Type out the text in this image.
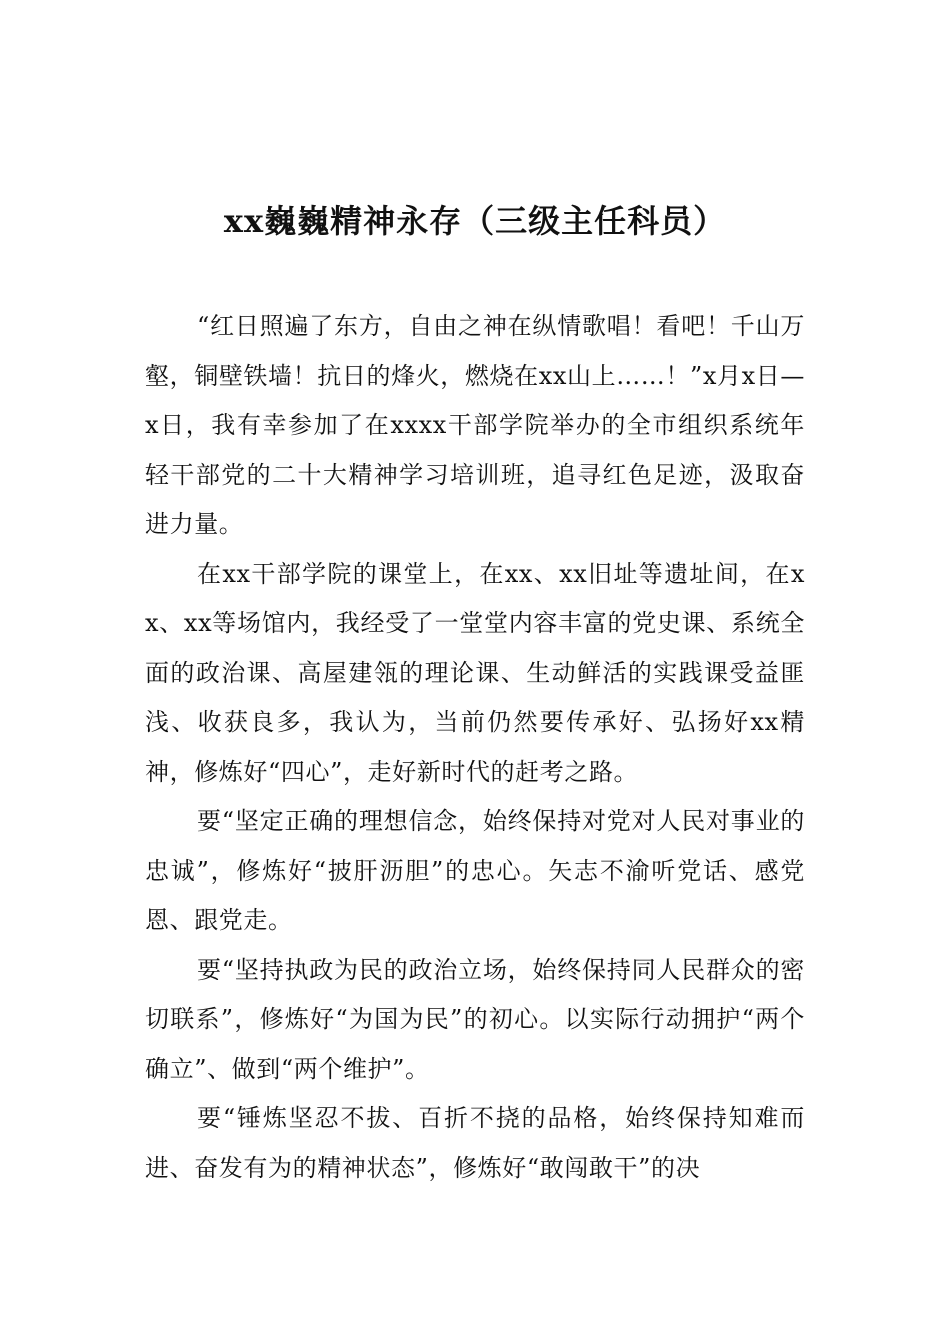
xx巍巍精神永存（三级主任科员）

“红日照遍了东方，自由之神在纵情歌唱！看吧！千山万壑，铜壁铁墙！抗日的烽火，燃烧在xx山上……！”x月x日—x日，我有幸参加了在xxxx干部学院举办的全市组织系统年轻干部党的二十大精神学习培训班，追寻红色足迹，汲取奋进力量。

在xx干部学院的课堂上，在xx、xx旧址等遗址间，在xx、xx等场馆内，我经受了一堂堂内容丰富的党史课、系统全面的政治课、高屋建瓴的理论课、生动鲜活的实践课受益匪浅、收获良多，我认为，当前仍然要传承好、弘扬好xx精神，修炼好“四心”，走好新时代的赶考之路。

要“坚定正确的理想信念，始终保持对党对人民对事业的忠诚”，修炼好“披肝沥胆”的忠心。矢志不渝听党话、感党恩、跟党走。

要“坚持执政为民的政治立场，始终保持同人民群众的密切联系”，修炼好“为国为民”的初心。以实际行动拥护“两个确立”、做到“两个维护”。

要“锤炼坚忍不拔、百折不挠的品格，始终保持知难而进、奋发有为的精神状态”，修炼好“敢闯敢干”的决
